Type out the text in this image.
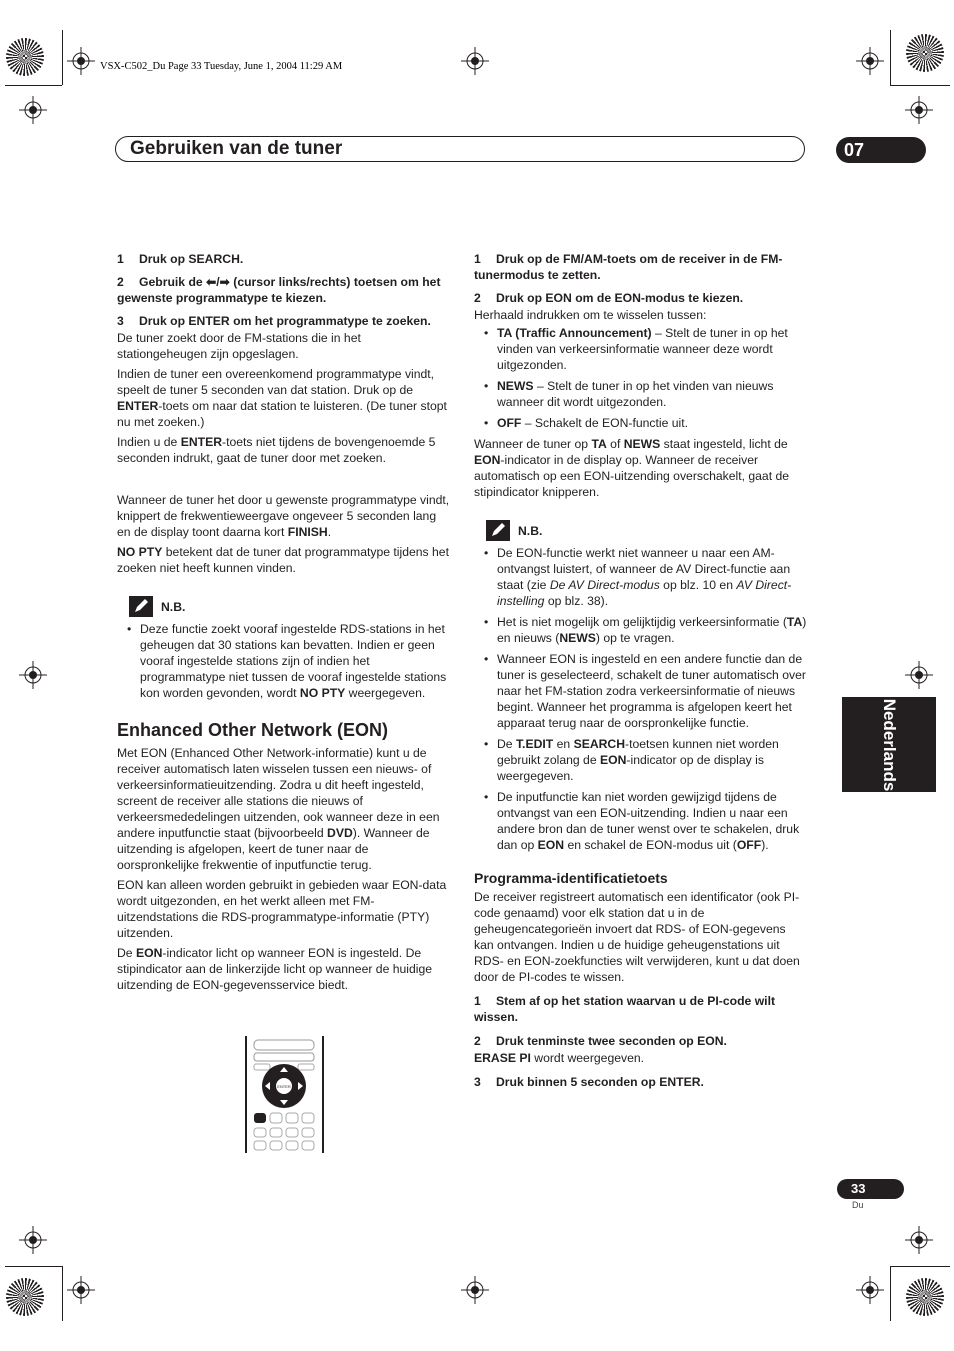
VSX-C502_Du Page 33 Tuesday, June 1, 2004 11:29 AM
Gebruiken van de tuner	07
Nederlands

1 Druk op SEARCH.

2 Gebruik de ⬅/➡ (cursor links/rechts) toetsen om het gewenste programmatype te kiezen.

3 Druk op ENTER om het programmatype te zoeken.

De tuner zoekt door de FM-stations die in het stationgeheugen zijn opgeslagen.

Indien de tuner een overeenkomend programmatype vindt, speelt de tuner 5 seconden van dat station. Druk op de ENTER-toets om naar dat station te luisteren. (De tuner stopt nu met zoeken.)

Indien u de ENTER-toets niet tijdens de bovengenoemde 5 seconden indrukt, gaat de tuner door met zoeken.

Wanneer de tuner het door u gewenste programmatype vindt, knippert de frekwentieweergave ongeveer 5 seconden lang en de display toont daarna kort FINISH.

NO PTY betekent dat de tuner dat programmatype tijdens het zoeken niet heeft kunnen vinden.

N.B.
• Deze functie zoekt vooraf ingestelde RDS-stations in het geheugen dat 30 stations kan bevatten. Indien er geen vooraf ingestelde stations zijn of indien het programmatype niet tussen de vooraf ingestelde stations kon worden gevonden, wordt NO PTY weergegeven.
Enhanced Other Network (EON)

Met EON (Enhanced Other Network-informatie) kunt u de receiver automatisch laten wisselen tussen een nieuws- of verkeersinformatieuitzending. Zodra u dit heeft ingesteld, screent de receiver alle stations die nieuws of verkeersmededelingen uitzenden, ook wanneer deze in een andere inputfunctie staat (bijvoorbeeld DVD). Wanneer de uitzending is afgelopen, keert de tuner naar de oorspronkelijke frekwentie of inputfunctie terug.

EON kan alleen worden gebruikt in gebieden waar EON-data wordt uitgezonden, en het werkt alleen met FM-uitzendstations die RDS-programmatype-informatie (PTY) uitzenden.

De EON-indicator licht op wanneer EON is ingesteld. De stipindicator aan de linkerzijde licht op wanneer de huidige uitzending de EON-gegevensservice biedt.

ENTER

1 Druk op de FM/AM-toets om de receiver in de FM-tunermodus te zetten.

2 Druk op EON om de EON-modus te kiezen.

Herhaald indrukken om te wisselen tussen:

• TA (Traffic Announcement) – Stelt de tuner in op het vinden van verkeersinformatie wanneer deze wordt uitgezonden.
• NEWS – Stelt de tuner in op het vinden van nieuws wanneer dit wordt uitgezonden.
• OFF – Schakelt de EON-functie uit.

Wanneer de tuner op TA of NEWS staat ingesteld, licht de EON-indicator in de display op. Wanneer de receiver automatisch op een EON-uitzending overschakelt, gaat de stipindicator knipperen.

N.B.
• De EON-functie werkt niet wanneer u naar een AM-ontvangst luistert, of wanneer de AV Direct-functie aan staat (zie De AV Direct-modus op blz. 10 en AV Direct-instelling op blz. 38).
• Het is niet mogelijk om gelijktijdig verkeersinformatie (TA) en nieuws (NEWS) op te vragen.
• Wanneer EON is ingesteld en een andere functie dan de tuner is geselecteerd, schakelt de tuner automatisch over naar het FM-station zodra verkeersinformatie of nieuws begint. Wanneer het programma is afgelopen keert het apparaat terug naar de oorspronkelijke functie.
• De T.EDIT en SEARCH-toetsen kunnen niet worden gebruikt zolang de EON-indicator op de display is weergegeven.
• De inputfunctie kan niet worden gewijzigd tijdens de ontvangst van een EON-uitzending. Indien u naar een andere bron dan de tuner wenst over te schakelen, druk dan op EON en schakel de EON-modus uit (OFF).
Programma-identificatietoets

De receiver registreert automatisch een identificator (ook PI-code genaamd) voor elk station dat u in de geheugencategorieën invoert dat RDS- of EON-gegevens kan ontvangen. Indien u de huidige geheugenstations uit RDS- en EON-zoekfuncties wilt verwijderen, kunt u dat doen door de PI-codes te wissen.

1 Stem af op het station waarvan u de PI-code wilt wissen.

2 Druk tenminste twee seconden op EON.

ERASE PI wordt weergegeven.

3 Druk binnen 5 seconden op ENTER.

33
Du
